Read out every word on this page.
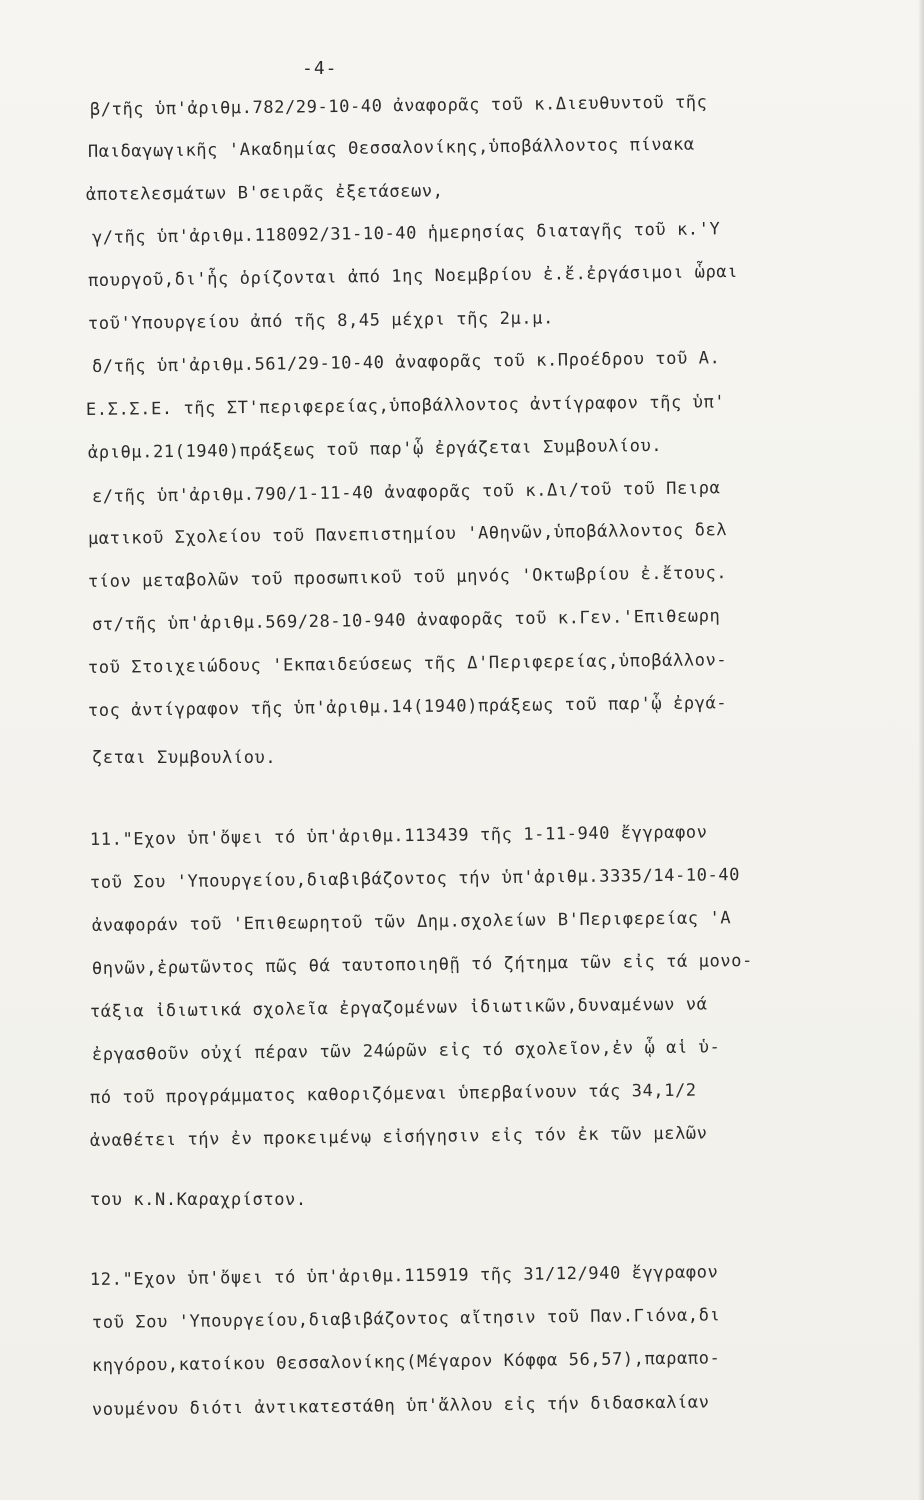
-4-
β/τῆς ὑπ'ἀριθμ.782/29-10-40 ἀναφορᾶς τοῦ κ.Διευθυντοῦ τῆς
Παιδαγωγικῆς 'Ακαδημίας Θεσσαλονίκης,ὑποβάλλοντος πίνακα
ἀποτελεσμάτων Β'σειρᾶς ἐξετάσεων,
γ/τῆς ὑπ'ἀριθμ.118092/31-10-40 ἡμερησίας διαταγῆς τοῦ κ.'Υ
πουργοῦ,δι'ἧς ὁρίζονται ἀπό 1ης Νοεμβρίου ἐ.ἔ.ἐργάσιμοι ὧραι
τοῦ'Υπουργείου ἀπό τῆς 8,45 μέχρι τῆς 2μ.μ.
δ/τῆς ὑπ'ἀριθμ.561/29-10-40 ἀναφορᾶς τοῦ κ.Προέδρου τοῦ Α.
Ε.Σ.Σ.Ε. τῆς ΣΤ'περιφερείας,ὑποβάλλοντος ἀντίγραφον τῆς ὑπ'
ἀριθμ.21(1940)πράξεως τοῦ παρ'ᾧ ἐργάζεται Συμβουλίου.
ε/τῆς ὑπ'ἀριθμ.790/1-11-40 ἀναφορᾶς τοῦ κ.Δι/τοῦ τοῦ Πειρα
ματικοῦ Σχολείου τοῦ Πανεπιστημίου 'Αθηνῶν,ὑποβάλλοντος δελ
τίον μεταβολῶν τοῦ προσωπικοῦ τοῦ μηνός 'Οκτωβρίου ἐ.ἔτους.
στ/τῆς ὑπ'ἀριθμ.569/28-10-940 ἀναφορᾶς τοῦ κ.Γεν.'Επιθεωρη
τοῦ Στοιχειώδους 'Εκπαιδεύσεως τῆς Δ'Περιφερείας,ὑποβάλλον-
τος ἀντίγραφον τῆς ὑπ'ἀριθμ.14(1940)πράξεως τοῦ παρ'ᾧ ἐργά-
ζεται Συμβουλίου.
11."Εχον ὑπ'ὄψει τό ὑπ'ἀριθμ.113439 τῆς 1-11-940 ἔγγραφον
τοῦ Σου 'Υπουργείου,διαβιβάζοντος τήν ὑπ'ἀριθμ.3335/14-10-40
ἀναφοράν τοῦ 'Επιθεωρητοῦ τῶν Δημ.σχολείων Β'Περιφερείας 'Α
θηνῶν,ἐρωτῶντος πῶς θά ταυτοποιηθῇ τό ζήτημα τῶν εἰς τά μονο-
τάξια ἰδιωτικά σχολεῖα ἐργαζομένων ἰδιωτικῶν,δυναμένων νά
ἐργασθοῦν οὐχί πέραν τῶν 24ώρῶν εἰς τό σχολεῖον,ἐν ᾧ αἱ ὑ-
πό τοῦ προγράμματος καθοριζόμεναι ὑπερβαίνουν τάς 34,1/2
ἀναθέτει τήν ἐν προκειμένῳ εἰσήγησιν εἰς τόν ἐκ τῶν μελῶν
του κ.Ν.Καραχρίστον.
12."Εχον ὑπ'ὄψει τό ὑπ'ἀριθμ.115919 τῆς 31/12/940 ἔγγραφον
τοῦ Σου 'Υπουργείου,διαβιβάζοντος αἴτησιν τοῦ Παν.Γιόνα,δι
κηγόρου,κατοίκου Θεσσαλονίκης(Μέγαρον Κόφφα 56,57),παραπο-
νουμένου διότι ἀντικατεστάθη ὑπ'ἄλλου εἰς τήν διδασκαλίαν
